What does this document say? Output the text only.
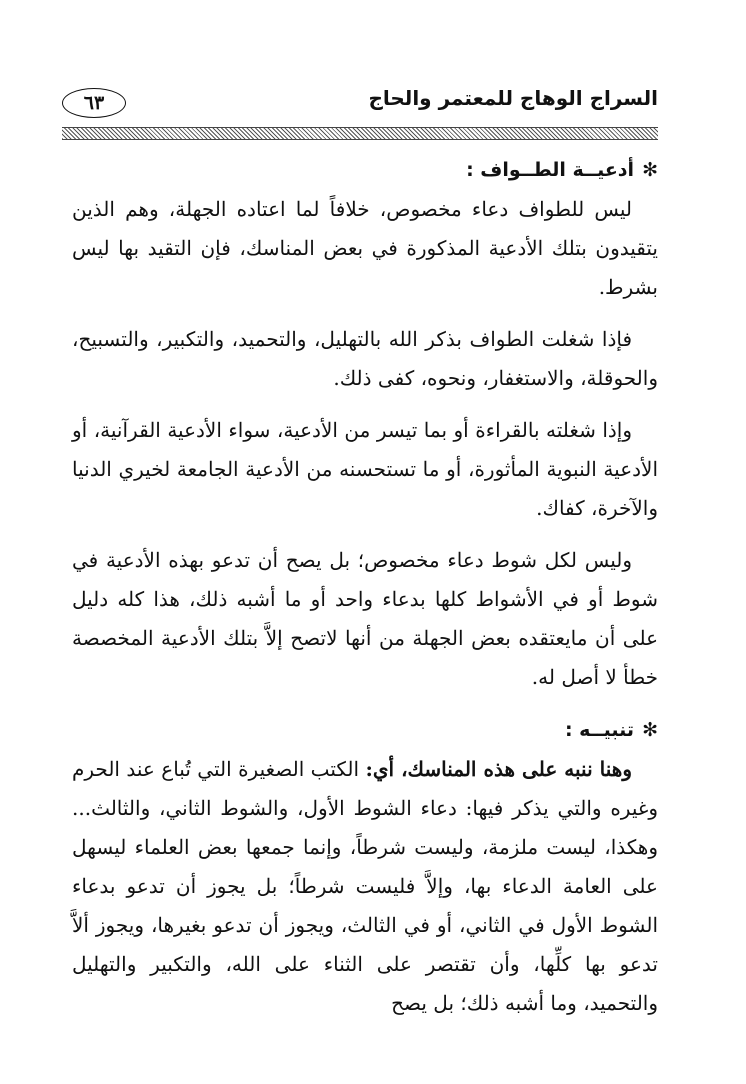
٦٣	السراج الوهاج للمعتمر والحاج
✻أدعيــة الطــواف :

ليس للطواف دعاء مخصوص، خلافاً لما اعتاده الجهلة، وهم الذين يتقيدون بتلك الأدعية المذكورة في بعض المناسك، فإن التقيد بها ليس بشرط.

فإذا شغلت الطواف بذكر الله بالتهليل، والتحميد، والتكبير، والتسبيح، والحوقلة، والاستغفار، ونحوه، كفى ذلك.

وإذا شغلته بالقراءة أو بما تيسر من الأدعية، سواء الأدعية القرآنية، أو الأدعية النبوية المأثورة، أو ما تستحسنه من الأدعية الجامعة لخيري الدنيا والآخرة، كفاك.

وليس لكل شوط دعاء مخصوص؛ بل يصح أن تدعو بهذه الأدعية في شوط أو في الأشواط كلها بدعاء واحد أو ما أشبه ذلك، هذا كله دليل على أن مايعتقده بعض الجهلة من أنها لاتصح إلاَّ بتلك الأدعية المخصصة خطأ لا أصل له.

✻تنبيــه :

وهنا ننبه على هذه المناسك، أي: الكتب الصغيرة التي تُباع عند الحرم وغيره والتي يذكر فيها: دعاء الشوط الأول، والشوط الثاني، والثالث... وهكذا، ليست ملزمة، وليست شرطاً، وإنما جمعها بعض العلماء ليسهل على العامة الدعاء بها، وإلاَّ فليست شرطاً؛ بل يجوز أن تدعو بدعاء الشوط الأول في الثاني، أو في الثالث، ويجوز أن تدعو بغيرها، ويجوز ألاَّ تدعو بها كلِّها، وأن تقتصر على الثناء على الله، والتكبير والتهليل والتحميد، وما أشبه ذلك؛ بل يصح
